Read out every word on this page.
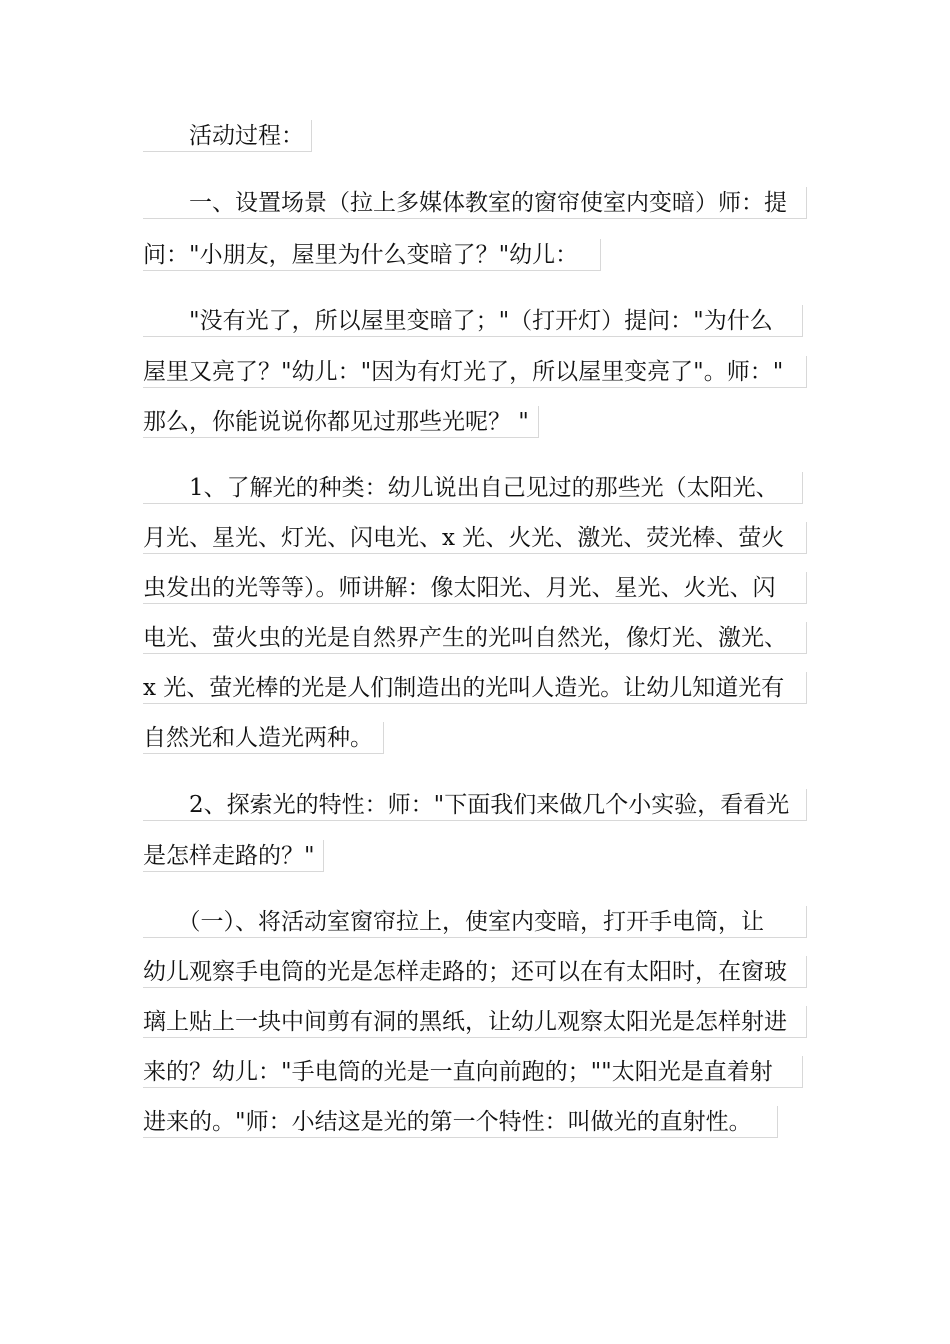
　　活动过程：
　　一、设置场景（拉上多媒体教室的窗帘使室内变暗）师：提
问："小朋友，屋里为什么变暗了？"幼儿：
　　"没有光了，所以屋里变暗了；"（打开灯）提问："为什么
屋里又亮了？"幼儿："因为有灯光了，所以屋里变亮了"。师："
那么，你能说说你都见过那些光呢？ "
　　1、了解光的种类：幼儿说出自己见过的那些光（太阳光、
月光、星光、灯光、闪电光、x 光、火光、激光、荧光棒、萤火
虫发出的光等等）。师讲解：像太阳光、月光、星光、火光、闪
电光、萤火虫的光是自然界产生的光叫自然光，像灯光、激光、
x 光、萤光棒的光是人们制造出的光叫人造光。让幼儿知道光有
自然光和人造光两种。
　　2、探索光的特性：师："下面我们来做几个小实验，看看光
是怎样走路的？"
　　（一）、将活动室窗帘拉上，使室内变暗，打开手电筒，让
幼儿观察手电筒的光是怎样走路的；还可以在有太阳时，在窗玻
璃上贴上一块中间剪有洞的黑纸，让幼儿观察太阳光是怎样射进
来的？幼儿："手电筒的光是一直向前跑的；""太阳光是直着射
进来的。"师：小结这是光的第一个特性：叫做光的直射性。
